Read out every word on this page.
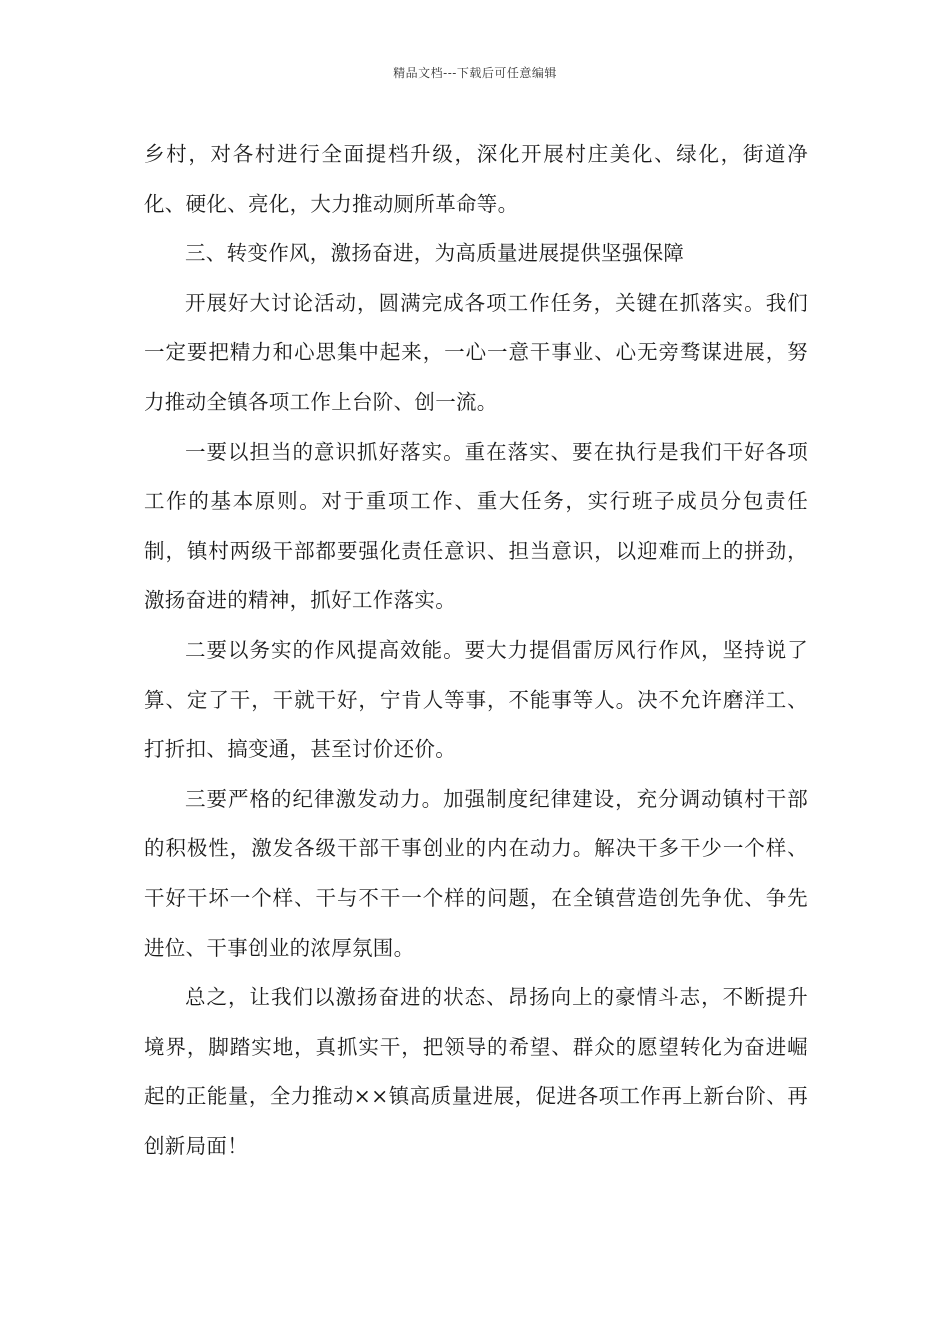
精品文档---下载后可任意编辑

乡村，对各村进行全面提档升级，深化开展村庄美化、绿化，街道净化、硬化、亮化，大力推动厕所革命等。

三、转变作风，激扬奋进，为高质量进展提供坚强保障

开展好大讨论活动，圆满完成各项工作任务，关键在抓落实。我们一定要把精力和心思集中起来，一心一意干事业、心无旁骛谋进展，努力推动全镇各项工作上台阶、创一流。

一要以担当的意识抓好落实。重在落实、要在执行是我们干好各项工作的基本原则。对于重项工作、重大任务，实行班子成员分包责任制，镇村两级干部都要强化责任意识、担当意识，以迎难而上的拼劲，激扬奋进的精神，抓好工作落实。

二要以务实的作风提高效能。要大力提倡雷厉风行作风，坚持说了算、定了干，干就干好，宁肯人等事，不能事等人。决不允许磨洋工、打折扣、搞变通，甚至讨价还价。

三要严格的纪律激发动力。加强制度纪律建设，充分调动镇村干部的积极性，激发各级干部干事创业的内在动力。解决干多干少一个样、干好干坏一个样、干与不干一个样的问题，在全镇营造创先争优、争先进位、干事创业的浓厚氛围。

总之，让我们以激扬奋进的状态、昂扬向上的豪情斗志，不断提升境界，脚踏实地，真抓实干，把领导的希望、群众的愿望转化为奋进崛起的正能量，全力推动××镇高质量进展，促进各项工作再上新台阶、再创新局面！
